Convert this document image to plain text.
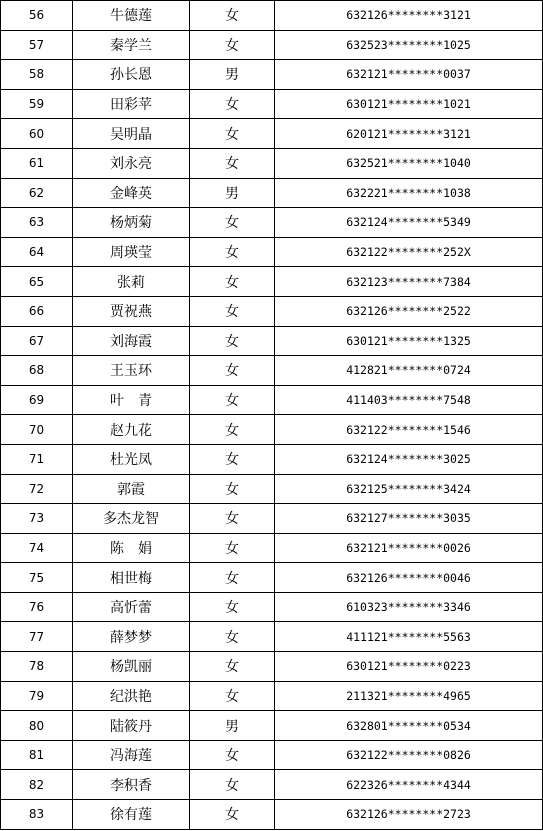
56	牛德莲	女	632126********3121
57	秦学兰	女	632523********1025
58	孙长恩	男	632121********0037
59	田彩苹	女	630121********1021
60	吴明晶	女	620121********3121
61	刘永亮	女	632521********1040
62	金峰英	男	632221********1038
63	杨炳菊	女	632124********5349
64	周瑛莹	女	632122********252X
65	张莉	女	632123********7384
66	贾祝燕	女	632126********2522
67	刘海霞	女	630121********1325
68	王玉环	女	412821********0724
69	叶　青	女	411403********7548
70	赵九花	女	632122********1546
71	杜光凤	女	632124********3025
72	郭霞	女	632125********3424
73	多杰龙智	女	632127********3035
74	陈　娟	女	632121********0026
75	相世梅	女	632126********0046
76	高忻蕾	女	610323********3346
77	薛梦梦	女	411121********5563
78	杨凯丽	女	630121********0223
79	纪洪艳	女	211321********4965
80	陆筱丹	男	632801********0534
81	冯海莲	女	632122********0826
82	李积香	女	622326********4344
83	徐有莲	女	632126********2723
